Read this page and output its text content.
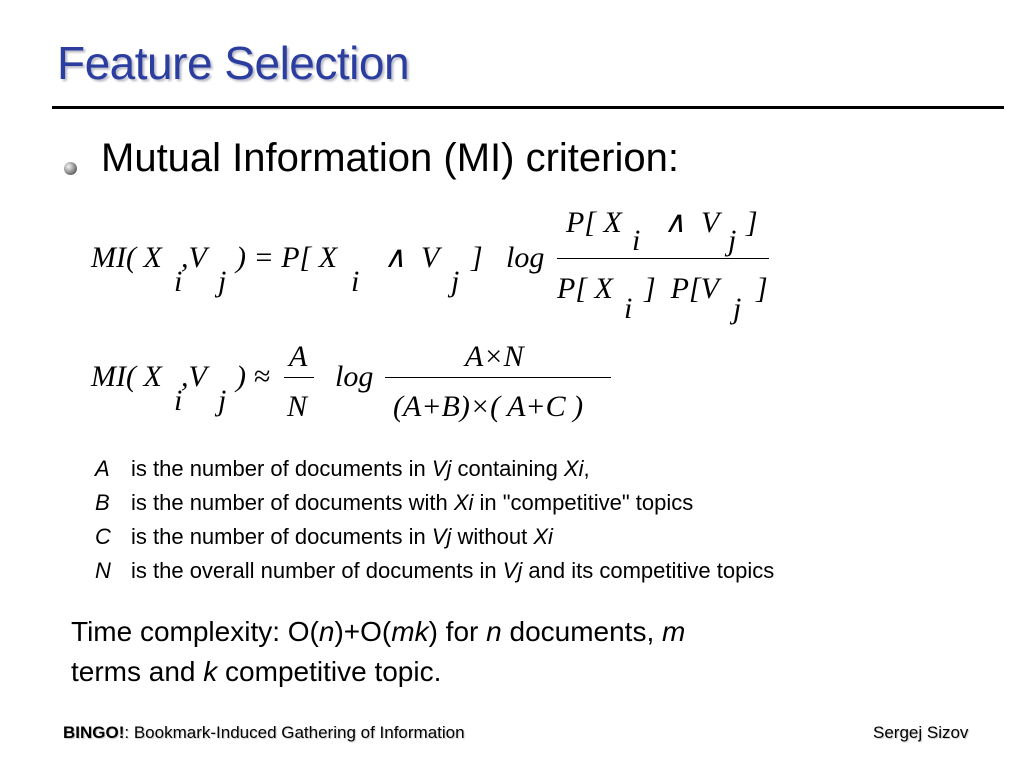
Feature Selection
Mutual Information (MI) criterion:
MI( X
i
,V
j
) = P[ X
i
∧  V
j
] log
P[ X
i
∧  V
j
]
P[ X
i
]  P[V
j
]
MI( X
i
,V
j
) ≈
A
N
log
A×N
(A+B)×( A+C )
A is the number of documents in Vj containing Xi,
B is the number of documents with Xi in "competitive" topics
C is the number of documents in Vj without Xi
N is the overall number of documents in Vj and its competitive topics
Time complexity: O(n)+O(mk) for n documents, m
terms and k competitive topic.
BINGO!: Bookmark-Induced Gathering of Information	Sergej Sizov
